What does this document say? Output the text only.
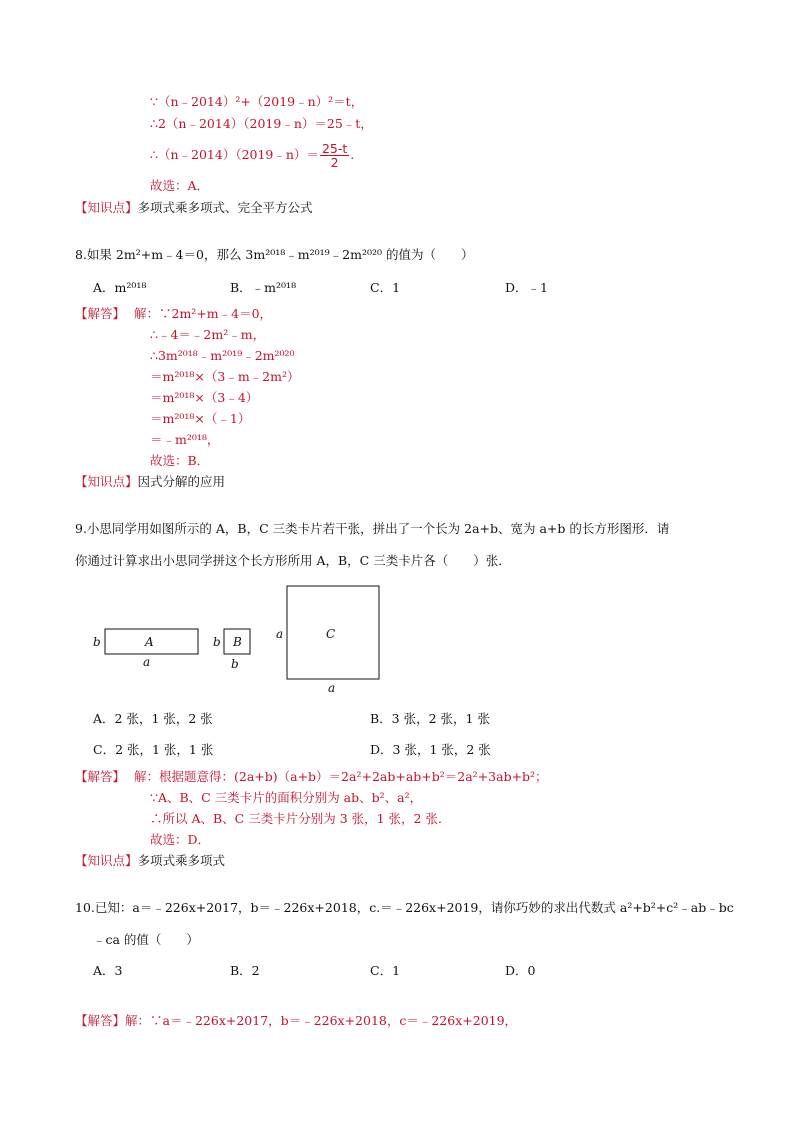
∵（n﹣2014）²+（2019﹣n）²＝t，
∴2（n﹣2014）（2019﹣n）＝25﹣t，
∴（n﹣2014）（2019﹣n）＝ $\frac{25-t}{2}$ .
故选：A．
【知识点】多项式乘多项式、完全平方公式
8.如果 2m²+m﹣4＝0，那么 3m²⁰¹⁸﹣m²⁰¹⁹﹣2m²⁰²⁰ 的值为（　　）
A．m²⁰¹⁸	B．﹣m²⁰¹⁸	C．1	D．﹣1
【解答】 解：∵2m²+m﹣4＝0，
∴﹣4＝﹣2m²﹣m，
∴3m²⁰¹⁸﹣m²⁰¹⁹﹣2m²⁰²⁰
＝m²⁰¹⁸×（3﹣m﹣2m²）
＝m²⁰¹⁸×（3﹣4）
＝m²⁰¹⁸×（﹣1）
＝﹣m²⁰¹⁸，
故选：B．
【知识点】因式分解的应用
9.小思同学用如图所示的 A，B，C 三类卡片若干张，拼出了一个长为 2a+b、宽为 a+b 的长方形图形．请
你通过计算求出小思同学拼这个长方形所用 A，B，C 三类卡片各（　　）张．
A
b
a
B
b
b
C
a
a
A．2 张，1 张，2 张	B．3 张，2 张，1 张
C．2 张，1 张，1 张	D．3 张，1 张，2 张
【解答】 解：根据题意得：(2a+b)（a+b）＝2a²+2ab+ab+b²＝2a²+3ab+b²；
∵A、B、C 三类卡片的面积分别为 ab、b²、a²，
∴所以 A、B、C 三类卡片分别为 3 张，1 张，2 张．
故选：D．
【知识点】多项式乘多项式
10.已知：a＝﹣226x+2017，b＝﹣226x+2018，c.＝﹣226x+2019，请你巧妙的求出代数式 a²+b²+c²﹣ab﹣bc
﹣ca 的值（　　）
A．3	B．2	C．1	D．0
【解答】解：∵a＝﹣226x+2017，b＝﹣226x+2018，c＝﹣226x+2019，
